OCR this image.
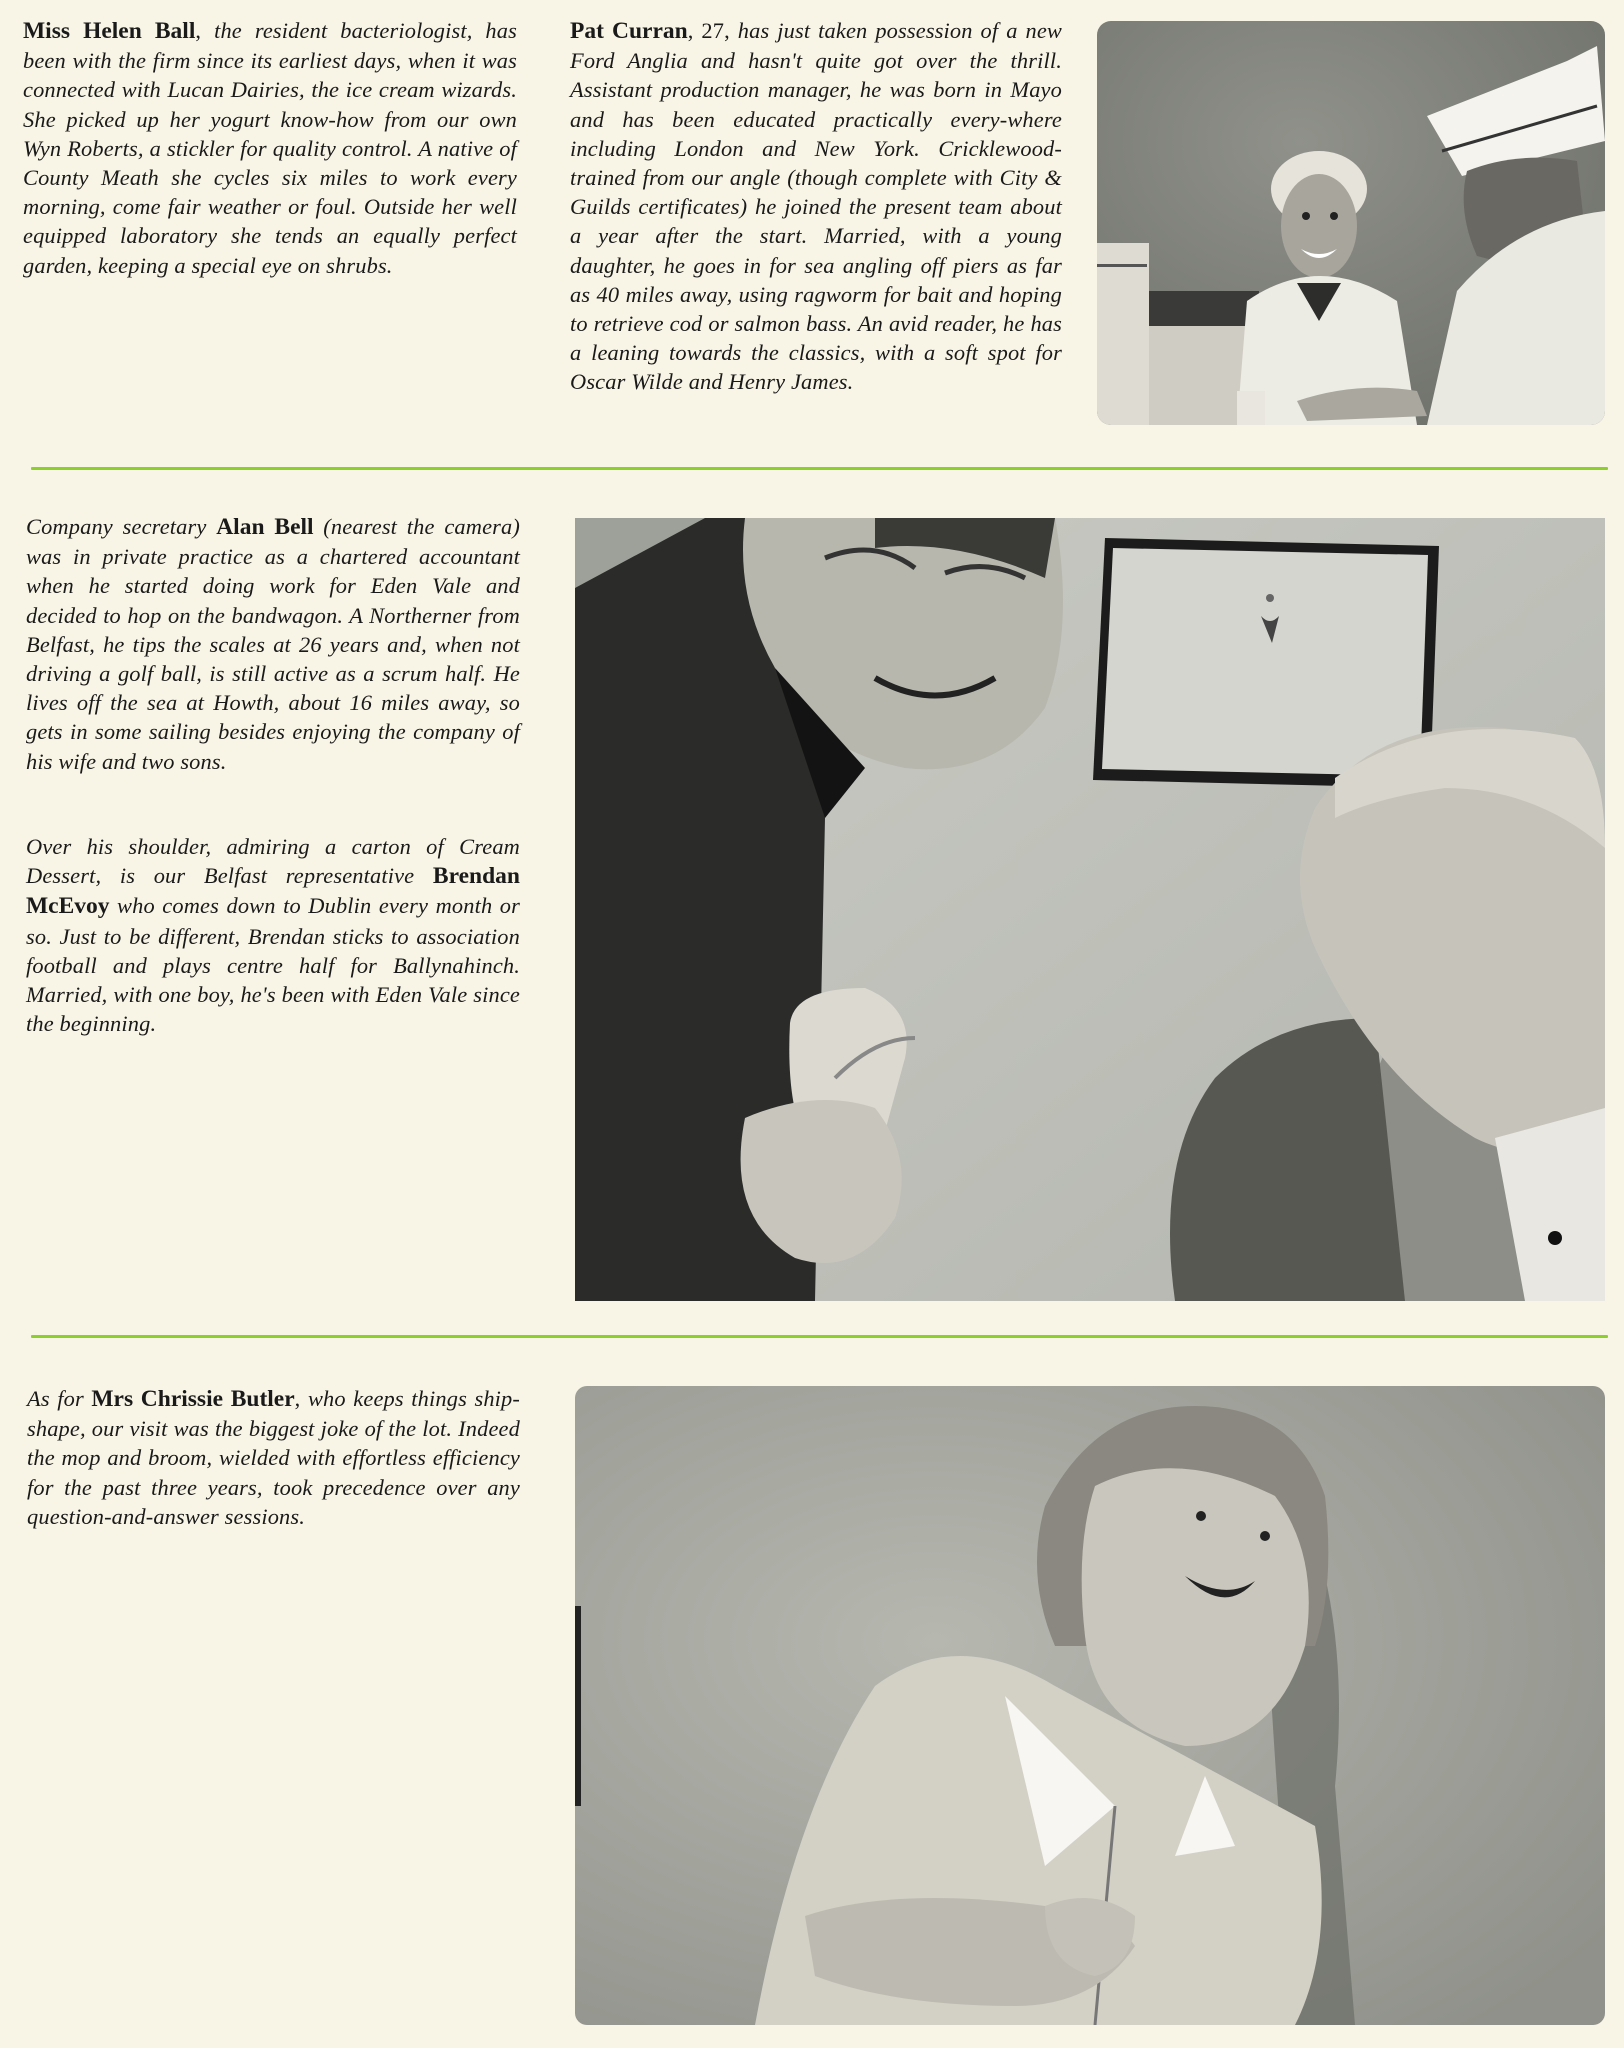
Miss Helen Ball, the resident bacteriologist, has been with the firm since its earliest days, when it was connected with Lucan Dairies, the ice cream wizards. She picked up her yogurt know-how from our own Wyn Roberts, a stickler for quality control. A native of County Meath she cycles six miles to work every morning, come fair weather or foul. Outside her well equipped laboratory she tends an equally perfect garden, keeping a special eye on shrubs.
Pat Curran, 27, has just taken possession of a new Ford Anglia and hasn't quite got over the thrill. Assistant production manager, he was born in Mayo and has been educated practically every-where including London and New York. Cricklewood-trained from our angle (though complete with City & Guilds certificates) he joined the present team about a year after the start. Married, with a young daughter, he goes in for sea angling off piers as far as 40 miles away, using ragworm for bait and hoping to retrieve cod or salmon bass. An avid reader, he has a leaning towards the classics, with a soft spot for Oscar Wilde and Henry James.
Company secretary Alan Bell (nearest the camera) was in private practice as a chartered accountant when he started doing work for Eden Vale and decided to hop on the bandwagon. A Northerner from Belfast, he tips the scales at 26 years and, when not driving a golf ball, is still active as a scrum half. He lives off the sea at Howth, about 16 miles away, so gets in some sailing besides enjoying the company of his wife and two sons.
Over his shoulder, admiring a carton of Cream Dessert, is our Belfast representative Brendan McEvoy who comes down to Dublin every month or so. Just to be different, Brendan sticks to association football and plays centre half for Ballynahinch. Married, with one boy, he's been with Eden Vale since the beginning.
As for Mrs Chrissie Butler, who keeps things ship-shape, our visit was the biggest joke of the lot. Indeed the mop and broom, wielded with effortless efficiency for the past three years, took precedence over any question-and-answer sessions.
